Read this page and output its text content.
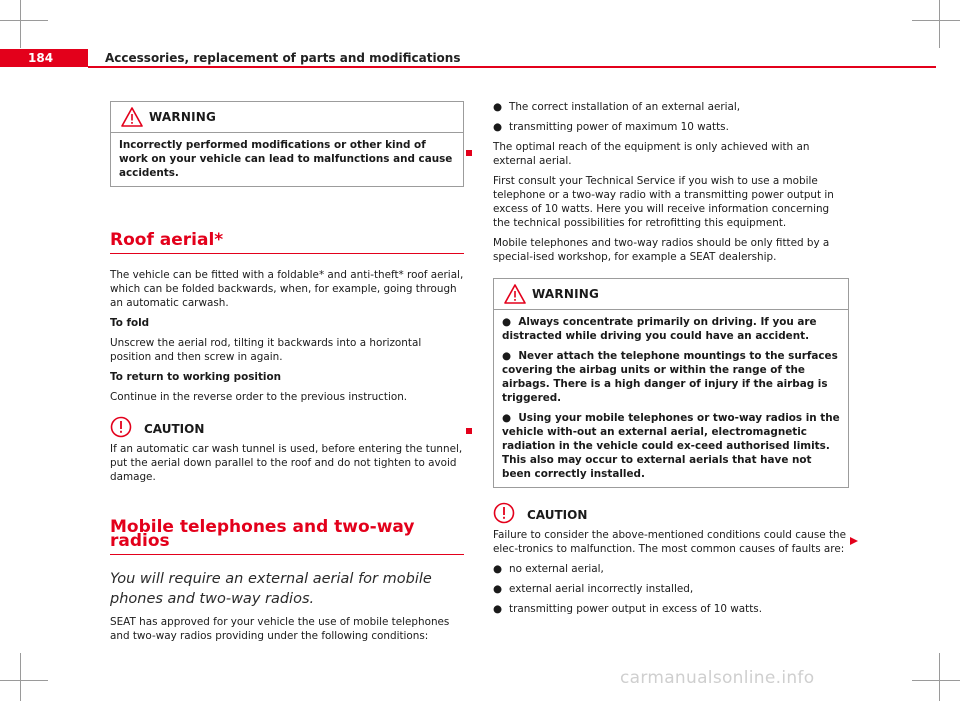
184	Accessories, replacement of parts and modifications
WARNING
Incorrectly performed modifications or other kind of work on your vehicle can lead to malfunctions and cause accidents.
Roof aerial*

The vehicle can be fitted with a foldable* and anti-theft* roof aerial, which can be folded backwards, when, for example, going through an automatic carwash.

To fold

Unscrew the aerial rod, tilting it backwards into a horizontal position and then screw in again.

To return to working position

Continue in the reverse order to the previous instruction.

CAUTION

If an automatic car wash tunnel is used, before entering the tunnel, put the aerial down parallel to the roof and do not tighten to avoid damage.

Mobile telephones and two-way radios

You will require an external aerial for mobile phones and two-way radios.

SEAT has approved for your vehicle the use of mobile telephones and two-way radios providing under the following conditions:

● The correct installation of an external aerial,
● transmitting power of maximum 10 watts.

The optimal reach of the equipment is only achieved with an external aerial.

First consult your Technical Service if you wish to use a mobile telephone or a two-way radio with a transmitting power output in excess of 10 watts. Here you will receive information concerning the technical possibilities for retrofitting this equipment.

Mobile telephones and two-way radios should be only fitted by a special-ised workshop, for example a SEAT dealership.

WARNING
● Always concentrate primarily on driving. If you are distracted while driving you could have an accident.
● Never attach the telephone mountings to the surfaces covering the airbag units or within the range of the airbags. There is a high danger of injury if the airbag is triggered.
● Using your mobile telephones or two-way radios in the vehicle with-out an external aerial, electromagnetic radiation in the vehicle could ex-ceed authorised limits. This also may occur to external aerials that have not been correctly installed.
CAUTION

Failure to consider the above-mentioned conditions could cause the elec-tronics to malfunction. The most common causes of faults are:

● no external aerial,
● external aerial incorrectly installed,
● transmitting power output in excess of 10 watts.
carmanualsonline.info
